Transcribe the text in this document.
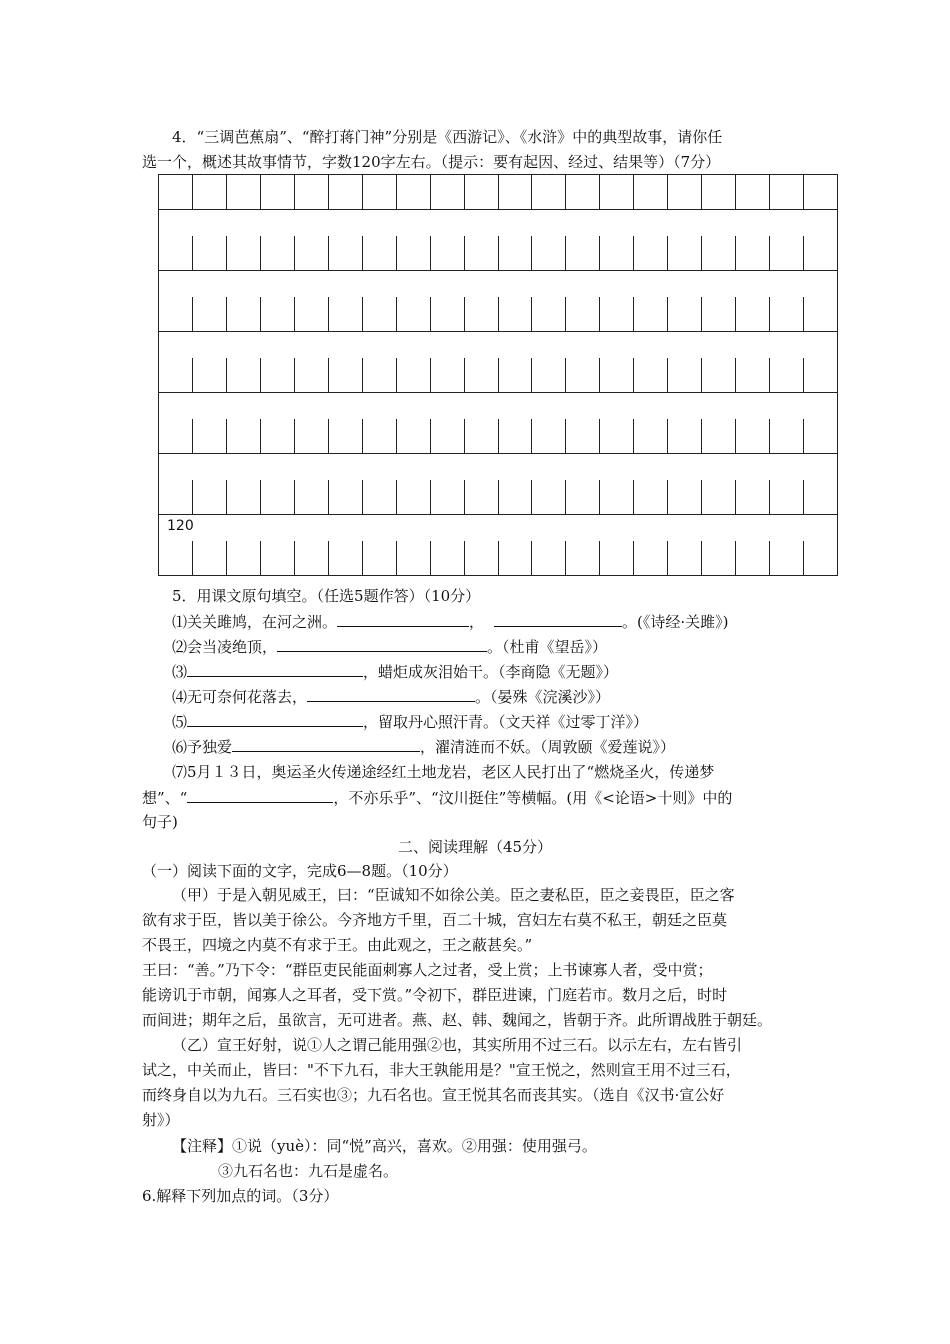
4．“三调芭蕉扇”、“醉打蒋门神”分别是《西游记》、《水浒》中的典型故事，请你任
选一个，概述其故事情节，字数120字左右。（提示：要有起因、经过、结果等）（7分）
120
5．用课文原句填空。（任选5题作答）（10分）
⑴关关雎鸠，在河之洲。	，	。(《诗经·关雎》)
⑵会当凌绝顶，	。（杜甫《望岳》）
⑶	，蜡炬成灰泪始干。（李商隐《无题》）
⑷无可奈何花落去，	。（晏殊《浣溪沙》）
⑸	，留取丹心照汗青。（文天祥《过零丁洋》）
⑹予独爱	，濯清涟而不妖。（周敦颐《爱莲说》）
⑺5月１３日，奥运圣火传递途经红土地龙岩，老区人民打出了“燃烧圣火，传递梦
想”、“	，不亦乐乎”、“汶川挺住”等横幅。(用《<论语>十则》中的
句子)
二、阅读理解（45分）
（一）阅读下面的文字，完成6—8题。（10分）
（甲）于是入朝见威王，曰：“臣诚知不如徐公美。臣之妻私臣，臣之妾畏臣，臣之客
欲有求于臣，皆以美于徐公。今齐地方千里，百二十城，宫妇左右莫不私王，朝廷之臣莫
不畏王，四境之内莫不有求于王。由此观之，王之蔽甚矣。”
王曰：“善。”乃下令：“群臣吏民能面刺寡人之过者，受上赏；上书谏寡人者，受中赏；
能谤讥于市朝，闻寡人之耳者，受下赏。”令初下，群臣进谏，门庭若市。数月之后，时时
而间进；期年之后，虽欲言，无可进者。燕、赵、韩、魏闻之，皆朝于齐。此所谓战胜于朝廷。
（乙）宣王好射，说①人之谓己能用强②也，其实所用不过三石。以示左右，左右皆引
试之，中关而止，皆曰："不下九石，非大王孰能用是？"宣王悦之，然则宣王用不过三石，
而终身自以为九石。三石实也③；九石名也。宣王悦其名而丧其实。（选自《汉书·宣公好
射》）
【注释】①说（yuè）：同“悦”高兴，喜欢。②用强：使用强弓。
③九石名也：九石是虚名。
6.解释下列加点的词。（3分）
